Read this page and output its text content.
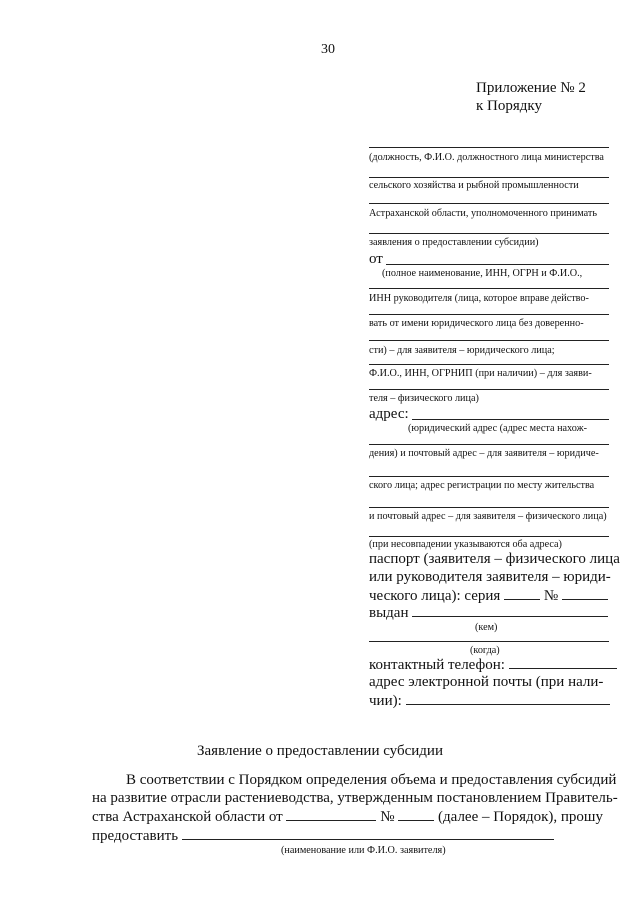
30
Приложение № 2
к Порядку
(должность, Ф.И.О. должностного лица министерства
сельского хозяйства и рыбной промышленности
Астраханской области, уполномоченного принимать
заявления о предоставлении субсидии)
от
(полное наименование, ИНН, ОГРН и Ф.И.О.,
ИНН руководителя (лица, которое вправе действо-
вать от имени юридического лица без доверенно-
сти) – для заявителя – юридического лица;
Ф.И.О., ИНН, ОГРНИП (при наличии) – для заяви-
теля – физического лица)
адрес:
(юридический адрес (адрес места нахож-
дения) и почтовый адрес – для заявителя – юридиче-
ского лица; адрес регистрации по месту жительства
и почтовый адрес – для заявителя – физического лица)
(при несовпадении указываются оба адреса)
паспорт (заявителя – физического лица
или руководителя заявителя – юриди-
ческого лица): серия	№
выдан
(кем)
(когда)
контактный телефон:
адрес электронной почты (при нали-
чии):
Заявление о предоставлении субсидии
В соответствии с Порядком определения объема и предоставления субсидий
на развитие отрасли растениеводства, утвержденным постановлением Правитель-
ства Астраханской области от	№	(далее – Порядок), прошу
предоставить
(наименование или Ф.И.О. заявителя)
